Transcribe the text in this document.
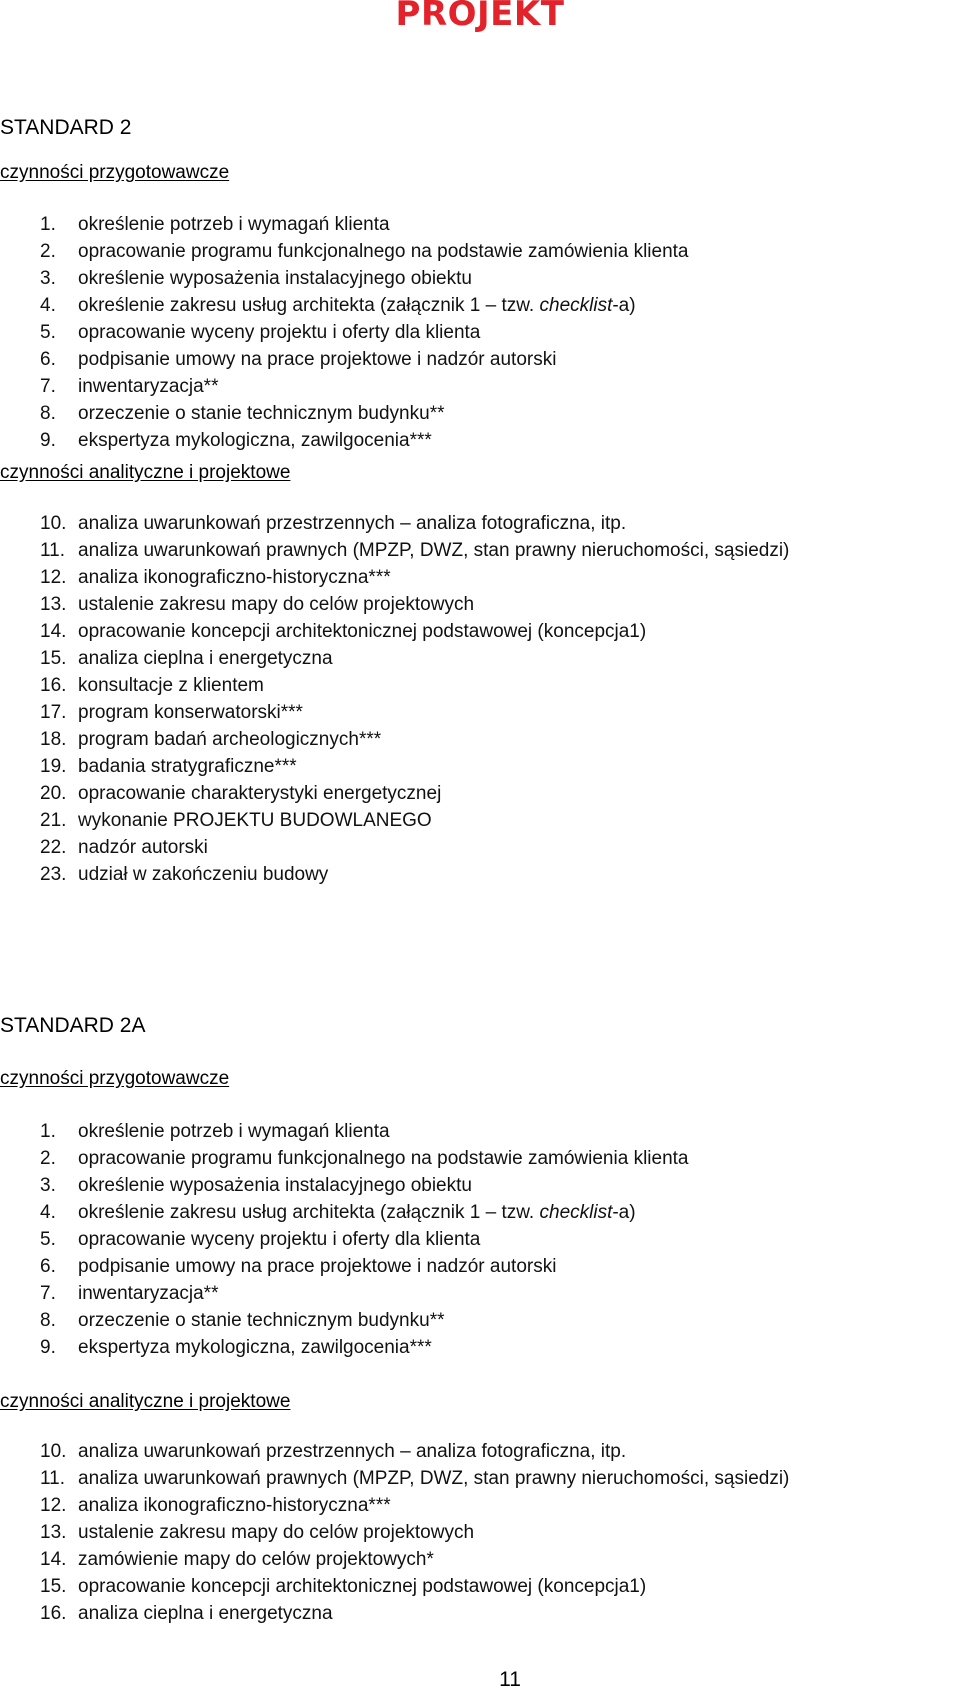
PROJEKT
STANDARD 2

czynności przygotowawcze

1. określenie potrzeb i wymagań klienta
2. opracowanie programu funkcjonalnego na podstawie zamówienia klienta
3. określenie wyposażenia instalacyjnego obiektu
4. określenie zakresu usług architekta (załącznik 1 – tzw. checklist-a)
5. opracowanie wyceny projektu i oferty dla klienta
6. podpisanie umowy na prace projektowe i nadzór autorski
7. inwentaryzacja**
8. orzeczenie o stanie technicznym budynku**
9. ekspertyza mykologiczna, zawilgocenia***

czynności analityczne i projektowe

10. analiza uwarunkowań przestrzennych – analiza fotograficzna, itp.
11. analiza uwarunkowań prawnych (MPZP, DWZ, stan prawny nieruchomości, sąsiedzi)
12. analiza ikonograficzno-historyczna***
13. ustalenie zakresu mapy do celów projektowych
14. opracowanie koncepcji architektonicznej podstawowej (koncepcja1)
15. analiza cieplna i energetyczna
16. konsultacje z klientem
17. program konserwatorski***
18. program badań archeologicznych***
19. badania stratygraficzne***
20. opracowanie charakterystyki energetycznej
21. wykonanie PROJEKTU BUDOWLANEGO
22. nadzór autorski
23. udział w zakończeniu budowy
STANDARD 2A

czynności przygotowawcze

1. określenie potrzeb i wymagań klienta
2. opracowanie programu funkcjonalnego na podstawie zamówienia klienta
3. określenie wyposażenia instalacyjnego obiektu
4. określenie zakresu usług architekta (załącznik 1 – tzw. checklist-a)
5. opracowanie wyceny projektu i oferty dla klienta
6. podpisanie umowy na prace projektowe i nadzór autorski
7. inwentaryzacja**
8. orzeczenie o stanie technicznym budynku**
9. ekspertyza mykologiczna, zawilgocenia***

czynności analityczne i projektowe

10. analiza uwarunkowań przestrzennych – analiza fotograficzna, itp.
11. analiza uwarunkowań prawnych (MPZP, DWZ, stan prawny nieruchomości, sąsiedzi)
12. analiza ikonograficzno-historyczna***
13. ustalenie zakresu mapy do celów projektowych
14. zamówienie mapy do celów projektowych*
15. opracowanie koncepcji architektonicznej podstawowej (koncepcja1)
16. analiza cieplna i energetyczna
11
